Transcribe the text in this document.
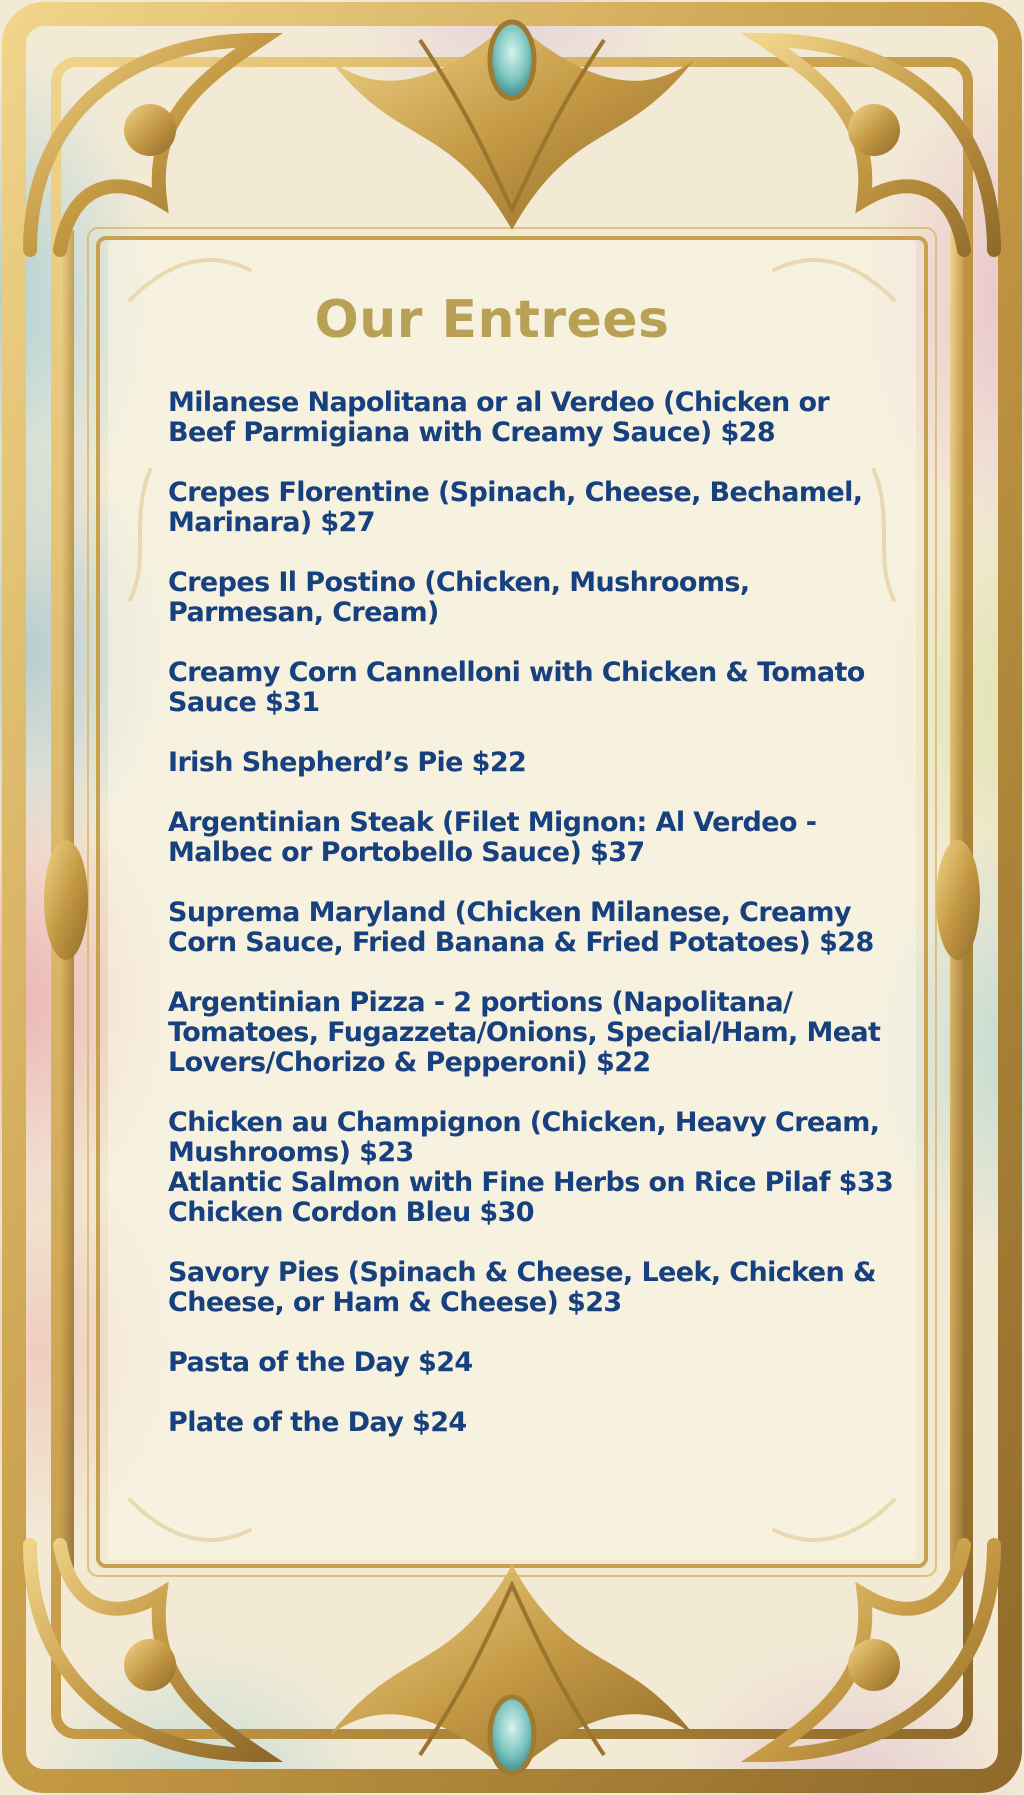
Our Entrees
Milanese Napolitana or al Verdeo (Chicken or Beef Parmigiana with Creamy Sauce) $28
Crepes Florentine (Spinach, Cheese, Bechamel, Marinara) $27
Crepes Il Postino (Chicken, Mushrooms, Parmesan, Cream)
Creamy Corn Cannelloni with Chicken & Tomato Sauce $31
Irish Shepherd’s Pie $22
Argentinian Steak (Filet Mignon: Al Verdeo - Malbec or Portobello Sauce) $37
Suprema Maryland (Chicken Milanese, Creamy Corn Sauce, Fried Banana & Fried Potatoes) $28
Argentinian Pizza - 2 portions (Napolitana/ Tomatoes, Fugazzeta/Onions, Special/Ham, Meat Lovers/Chorizo & Pepperoni) $22
Chicken au Champignon (Chicken, Heavy Cream, Mushrooms) $23
Atlantic Salmon with Fine Herbs on Rice Pilaf $33
Chicken Cordon Bleu $30
Savory Pies (Spinach & Cheese, Leek, Chicken & Cheese, or Ham & Cheese) $23
Pasta of the Day $24
Plate of the Day $24
